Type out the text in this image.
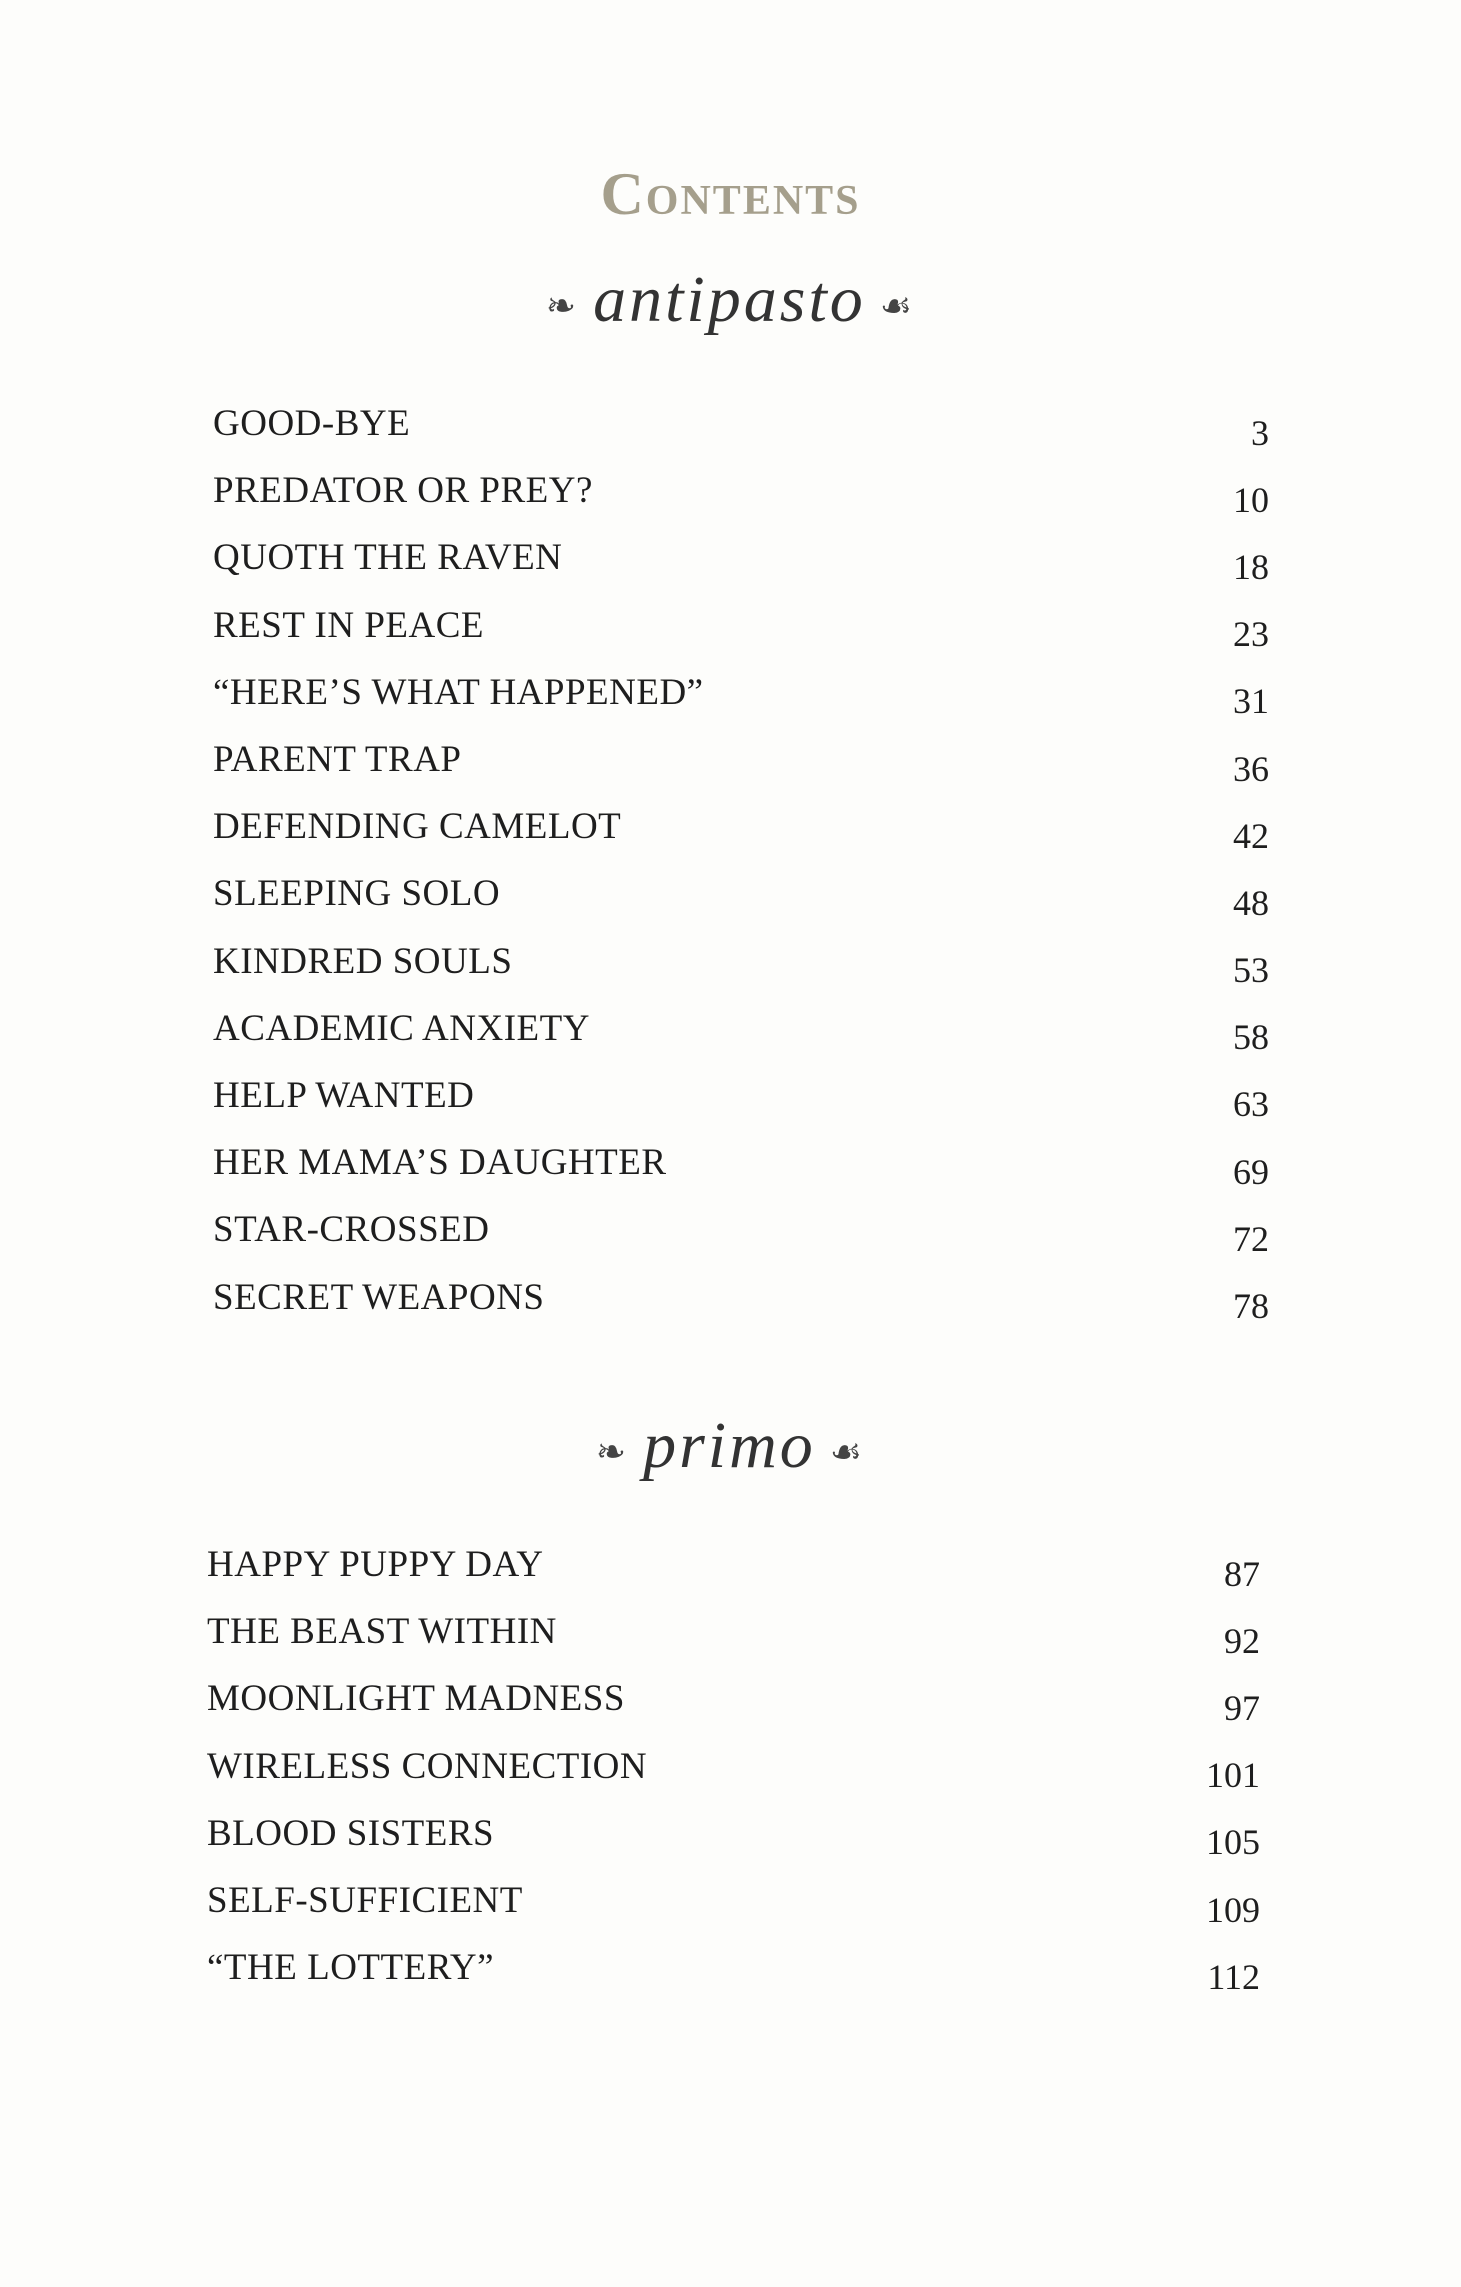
Contents
❧ antipasto ☙
GOOD-BYE	3
PREDATOR OR PREY?	10
QUOTH THE RAVEN	18
REST IN PEACE	23
“HERE’S WHAT HAPPENED”	31
PARENT TRAP	36
DEFENDING CAMELOT	42
SLEEPING SOLO	48
KINDRED SOULS	53
ACADEMIC ANXIETY	58
HELP WANTED	63
HER MAMA’S DAUGHTER	69
STAR-CROSSED	72
SECRET WEAPONS	78
❧ primo ☙
HAPPY PUPPY DAY	87
THE BEAST WITHIN	92
MOONLIGHT MADNESS	97
WIRELESS CONNECTION	101
BLOOD SISTERS	105
SELF-SUFFICIENT	109
“THE LOTTERY”	112
